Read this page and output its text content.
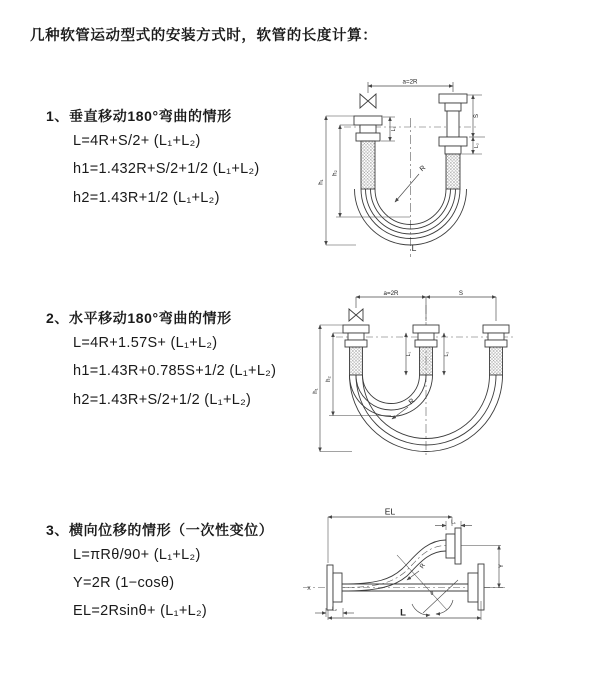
几种软管运动型式的安装方式时，软管的长度计算：
1、垂直移动180°弯曲的情形
L=4R+S/2+ (L₁+L₂)
h1=1.432R+S/2+1/2 (L₁+L₂)
h2=1.43R+1/2 (L₁+L₂)
2、水平移动180°弯曲的情形
L=4R+1.57S+ (L₁+L₂)
h1=1.43R+0.785S+1/2 (L₁+L₂)
h2=1.43R+S/2+1/2 (L₁+L₂)
3、横向位移的情形（一次性变位）
L=πRθ/90+ (L₁+L₂)
Y=2R (1−cosθ)
EL=2Rsinθ+ (L₁+L₂)
a=2R
h₁
h₂
L₁
S
L₂
R
L
a=2R	S
h₁
h₂
L₁	L₂
R
θ
R
EL
L₁
Y
L
L₂
X
